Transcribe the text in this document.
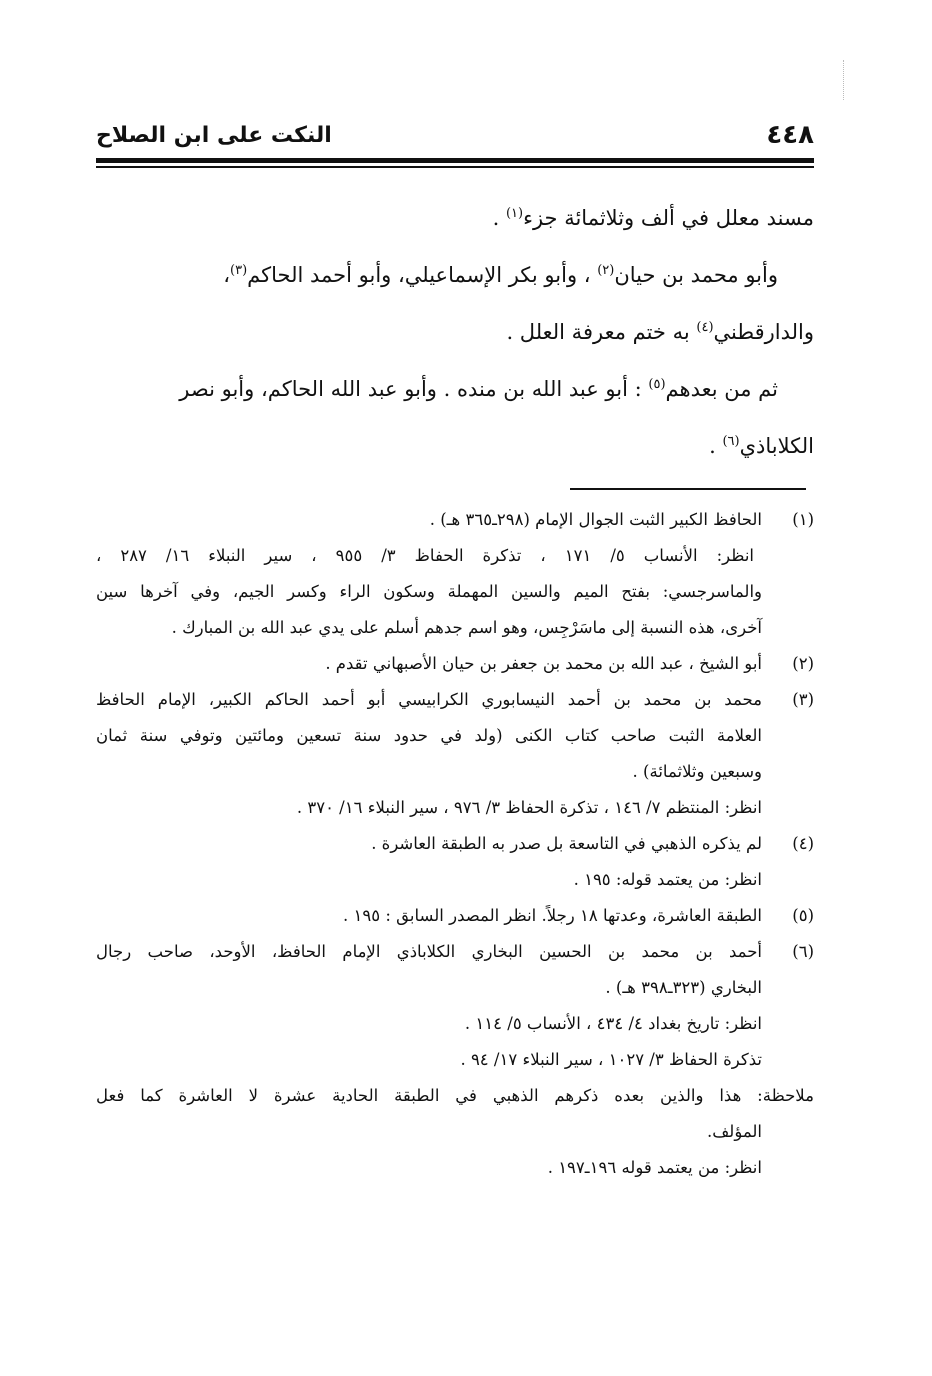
٤٤٨
النكت على ابن الصلاح

مسند معلل في ألف وثلاثمائة جزء$^{(١)}$ .

وأبو محمد بن حيان$^{(٢)}$ ، وأبو بكر الإسماعيلي، وأبو أحمد الحاكم$^{(٣)}$،
والدارقطني$^{(٤)}$ به ختم معرفة العلل .

ثم من بعدهم$^{(٥)}$ : أبو عبد الله بن منده . وأبو عبد الله الحاكم، وأبو نصر
الكلاباذي$^{(٦)}$ .

(١)
الحافظ الكبير الثبت الجوال الإمام (٢٩٨ـ٣٦٥ هـ) .
انظر: الأنساب ٥/ ١٧١ ، تذكرة الحفاظ ٣/ ٩٥٥ ، سير النبلاء ١٦/ ٢٨٧ ،
والماسرجسي: بفتح الميم والسين المهملة وسكون الراء وكسر الجيم، وفي آخرها سين
آخرى، هذه النسبة إلى ماسَرْجِس، وهو اسم جدهم أسلم على يدي عبد الله بن المبارك .
(٢)
أبو الشيخ ، عبد الله بن محمد بن جعفر بن حيان الأصبهاني تقدم .
(٣)
محمد بن محمد بن أحمد النيسابوري الكرابيسي أبو أحمد الحاكم الكبير، الإمام الحافظ
العلامة الثبت صاحب كتاب الكنى (ولد في حدود سنة تسعين ومائتين وتوفي سنة ثمان
وسبعين وثلاثمائة) .
انظر: المنتظم ٧/ ١٤٦ ، تذكرة الحفاظ ٣/ ٩٧٦ ، سير النبلاء ١٦/ ٣٧٠ .
(٤)
لم يذكره الذهبي في التاسعة بل صدر به الطبقة العاشرة .
انظر: من يعتمد قوله: ١٩٥ .
(٥)
الطبقة العاشرة، وعدتها ١٨ رجلاً. انظر المصدر السابق : ١٩٥ .
(٦)
أحمد بن محمد بن الحسين البخاري الكلاباذي الإمام الحافظ، الأوحد، صاحب رجال
البخاري (٣٢٣ـ٣٩٨ هـ) .
انظر: تاريخ بغداد ٤/ ٤٣٤ ، الأنساب ٥/ ١١٤ .
تذكرة الحفاظ ٣/ ١٠٢٧ ، سير النبلاء ١٧/ ٩٤ .
ملاحظة: هذا والذين بعده ذكرهم الذهبي في الطبقة الحادية عشرة لا العاشرة كما فعل
المؤلف.
انظر: من يعتمد قوله ١٩٦ـ١٩٧ .
